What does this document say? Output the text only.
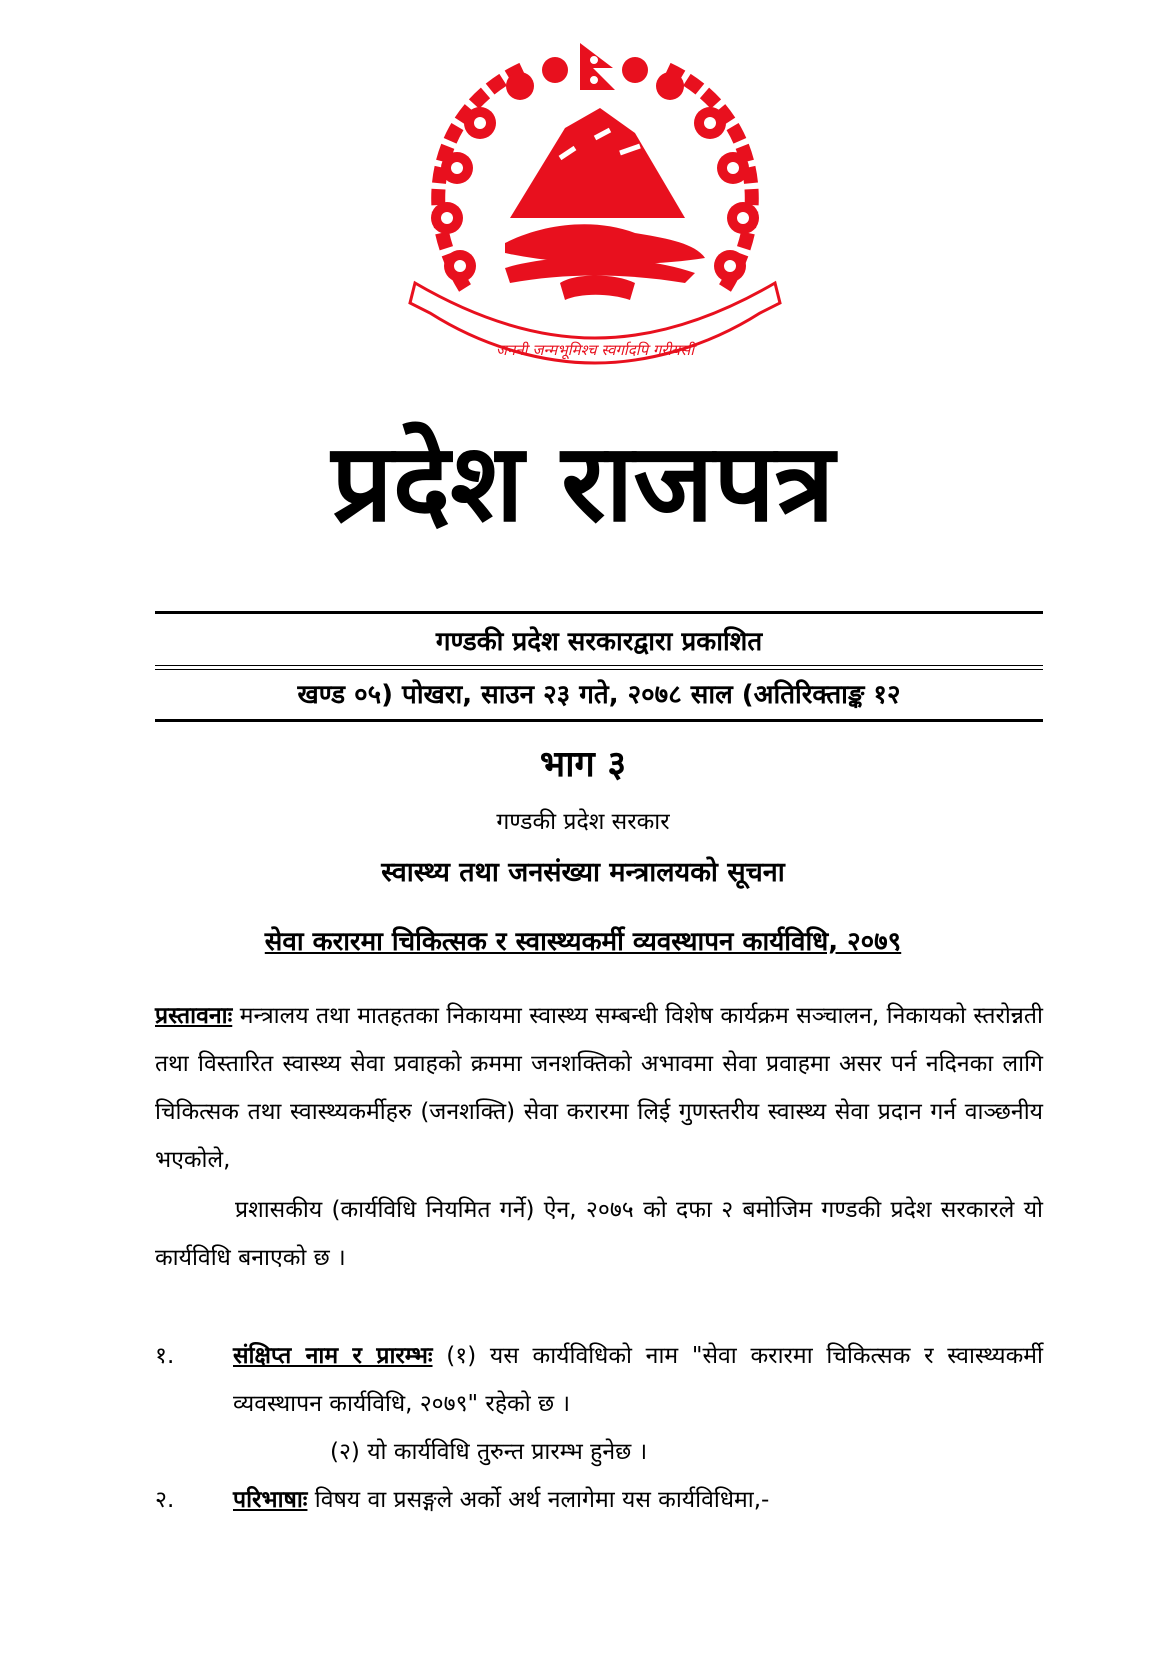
जननी जन्मभूमिश्च स्वर्गादपि गरीयसी
प्रदेश राजपत्र
गण्डकी प्रदेश सरकारद्वारा प्रकाशित
खण्ड ०५) पोखरा, साउन २३ गते, २०७८ साल (अतिरिक्ताङ्क १२
भाग ३
गण्डकी प्रदेश सरकार
स्वास्थ्य तथा जनसंख्या मन्त्रालयको सूचना
सेवा करारमा चिकित्सक र स्वास्थ्यकर्मी व्यवस्थापन कार्यविधि, २०७९
प्रस्तावनाः मन्त्रालय तथा मातहतका निकायमा स्वास्थ्य सम्बन्धी विशेष कार्यक्रम सञ्चालन, निकायको स्तरोन्नती तथा विस्तारित स्वास्थ्य सेवा प्रवाहको क्रममा जनशक्तिको अभावमा सेवा प्रवाहमा असर पर्न नदिनका लागि चिकित्सक तथा स्वास्थ्यकर्मीहरु (जनशक्ति) सेवा करारमा लिई गुणस्तरीय स्वास्थ्य सेवा प्रदान गर्न वाञ्छनीय भएकोले,
प्रशासकीय (कार्यविधि नियमित गर्ने) ऐन, २०७५ को दफा २ बमोजिम गण्डकी प्रदेश सरकारले यो कार्यविधि बनाएको छ ।
१.	संक्षिप्त नाम र प्रारम्भः (१) यस कार्यविधिको नाम "सेवा करारमा चिकित्सक र स्वास्थ्यकर्मी व्यवस्थापन कार्यविधि, २०७९" रहेको छ ।
(२) यो कार्यविधि तुरुन्त प्रारम्भ हुनेछ ।
२.	परिभाषाः विषय वा प्रसङ्गले अर्को अर्थ नलागेमा यस कार्यविधिमा,-
